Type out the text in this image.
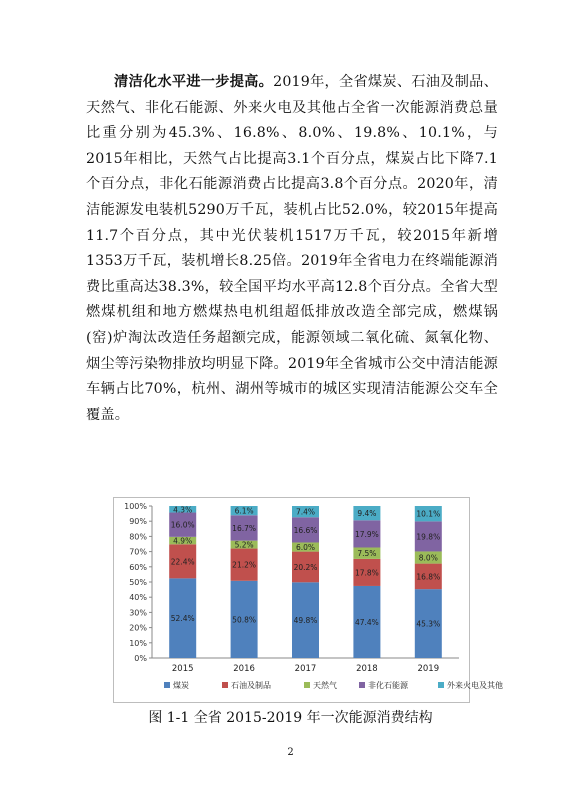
清洁化水平进一步提高。2019年，全省煤炭、石油及制品、天然气、非化石能源、外来火电及其他占全省一次能源消费总量比重分别为45.3%、16.8%、8.0%、19.8%、10.1%，与2015年相比，天然气占比提高3.1个百分点，煤炭占比下降7.1个百分点，非化石能源消费占比提高3.8个百分点。2020年，清洁能源发电装机5290万千瓦，装机占比52.0%，较2015年提高11.7个百分点，其中光伏装机1517万千瓦，较2015年新增1353万千瓦，装机增长8.25倍。2019年全省电力在终端能源消费比重高达38.3%，较全国平均水平高12.8个百分点。全省大型燃煤机组和地方燃煤热电机组超低排放改造全部完成，燃煤锅(窑)炉淘汰改造任务超额完成，能源领域二氧化硫、氮氧化物、烟尘等污染物排放均明显下降。2019年全省城市公交中清洁能源车辆占比70%，杭州、湖州等城市的城区实现清洁能源公交车全覆盖。
0%
10%
20%
30%
40%
50%
60%
70%
80%
90%
100%
52.4%
22.4%
4.9%
16.0%
4.3%
2015
50.8%
21.2%
5.2%
16.7%
6.1%
2016
49.8%
20.2%
6.0%
16.6%
7.4%
2017
47.4%
17.8%
7.5%
17.9%
9.4%
2018
45.3%
16.8%
8.0%
19.8%
10.1%
2019
煤炭	石油及制品	天然气	非化石能源	外来火电及其他
图 1-1 全省 2015-2019 年一次能源消费结构
2
